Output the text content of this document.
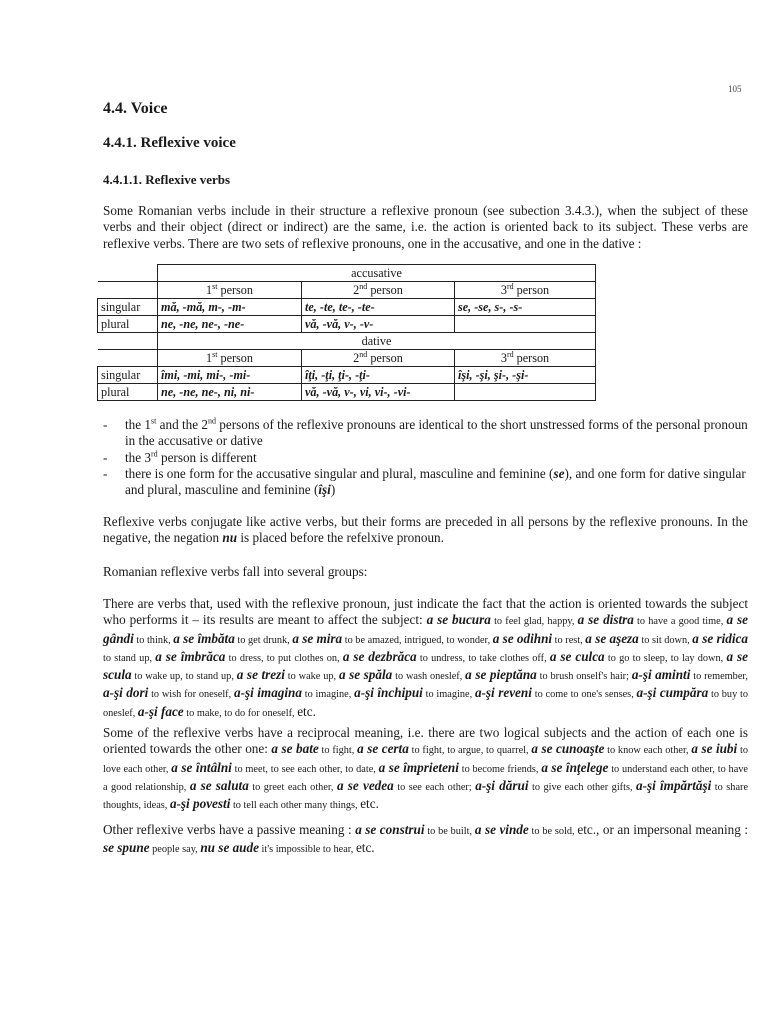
105
4.4. Voice
4.4.1. Reflexive voice
4.4.1.1. Reflexive verbs
Some Romanian verbs include in their structure a reflexive pronoun (see subection 3.4.3.), when the subject of these verbs and their object (direct or indirect) are the same, i.e. the action is oriented back to its subject. These verbs are reflexive verbs. There are two sets of reflexive pronouns, one in the accusative, and one in the dative :
	accusative		
	1st person	2nd person	3rd person
singular	mă, -mă, m-, -m-	te, -te, te-, -te-	se, -se, s-, -s-
plural	ne, -ne, ne-, -ne-	vă, -vă, v-, -v-	
	dative		
	1st person	2nd person	3rd person
singular	îmi, -mi, mi-, -mi-	îţi, -ţi, ţi-, -ţi-	îşi, -şi, şi-, -şi-
plural	ne, -ne, ne-, ni, ni-	vă, -vă, v-, vi, vi-, -vi-	
- the 1st and the 2nd persons of the reflexive pronouns are identical to the short unstressed forms of the personal pronoun in the accusative or dative
- the 3rd person is different
- there is one form for the accusative singular and plural, masculine and feminine (se), and one form for dative singular and plural, masculine and feminine (îşi)
Reflexive verbs conjugate like active verbs, but their forms are preceded in all persons by the reflexive pronouns. In the negative, the negation nu is placed before the refelxive pronoun.
Romanian reflexive verbs fall into several groups:
There are verbs that, used with the reflexive pronoun, just indicate the fact that the action is oriented towards the subject who performs it – its results are meant to affect the subject: a se bucura to feel glad, happy, a se distra to have a good time, a se gândi to think, a se îmbăta to get drunk, a se mira to be amazed, intrigued, to wonder, a se odihni to rest, a se aşeza to sit down, a se ridica to stand up, a se îmbrăca to dress, to put clothes on, a se dezbrăca to undress, to take clothes off, a se culca to go to sleep, to lay down, a se scula to wake up, to stand up, a se trezi to wake up, a se spăla to wash oneslef, a se pieptăna to brush onself's hair; a-şi aminti to remember, a-şi dori to wish for oneself, a-şi imagina to imagine, a-şi închipui to imagine, a-şi reveni to come to one's senses, a-şi cumpăra to buy to oneslef, a-şi face to make, to do for oneself, etc.
Some of the reflexive verbs have a reciprocal meaning, i.e. there are two logical subjects and the action of each one is oriented towards the other one: a se bate to fight, a se certa to fight, to argue, to quarrel, a se cunoaşte to know each other, a se iubi to love each other, a se întâlni to meet, to see each other, to date, a se împrieteni to become friends, a se înţelege to understand each other, to have a good relationship, a se saluta to greet each other, a se vedea to see each other; a-şi dărui to give each other gifts, a-şi împărtăşi to share thoughts, ideas, a-şi povesti to tell each other many things, etc.
Other reflexive verbs have a passive meaning : a se construi to be built, a se vinde to be sold, etc., or an impersonal meaning : se spune people say, nu se aude it's impossible to hear, etc.
